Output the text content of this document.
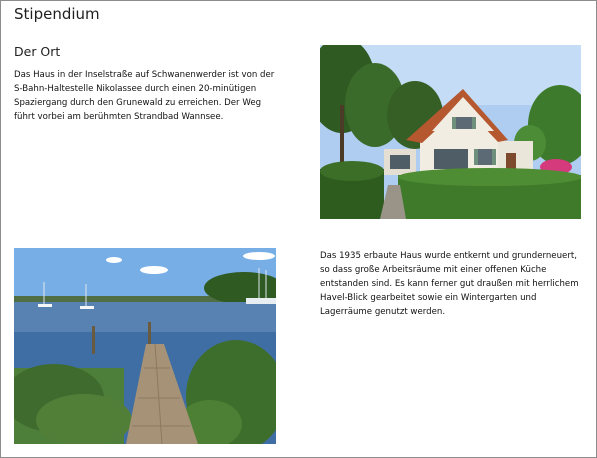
Stipendium
Der Ort

Das Haus in der Inselstraße auf Schwanenwerder ist von der S-Bahn-Haltestelle Nikolassee durch einen 20-minütigen Spaziergang durch den Grunewald zu erreichen. Der Weg führt vorbei am berühmten Strandbad Wannsee.

Das 1935 erbaute Haus wurde entkernt und grunderneuert, so dass große Arbeitsräume mit einer offenen Küche entstanden sind. Es kann ferner gut draußen mit herrlichem Havel-Blick gearbeitet sowie ein Wintergarten und Lagerräume genutzt werden.
